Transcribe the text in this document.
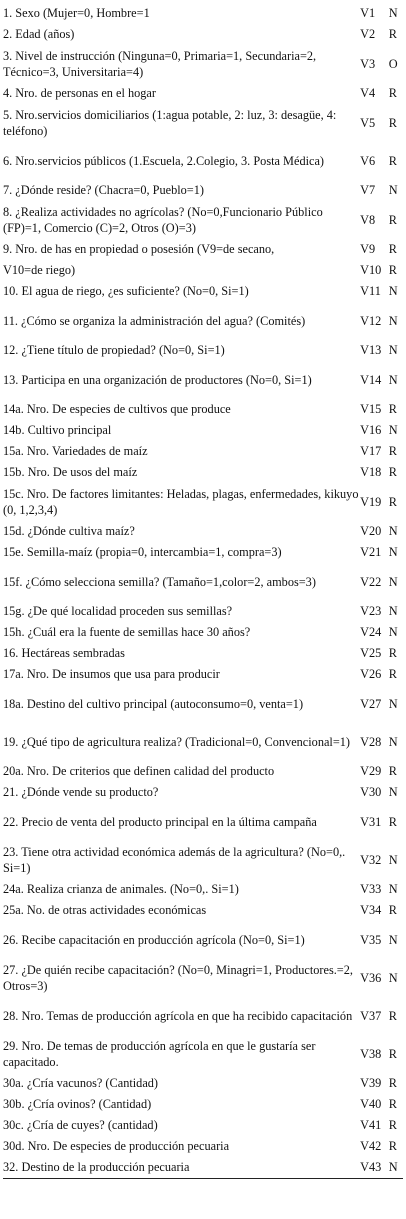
1. Sexo (Mujer=0, Hombre=1	V1	N
2. Edad (años)	V2	R
3. Nivel de instrucción (Ninguna=0, Primaria=1, Secundaria=2, Técnico=3, Universitaria=4)	V3	O
4. Nro. de personas en el hogar	V4	R
5. Nro.servicios domiciliarios (1:agua potable, 2: luz, 3: desagüe, 4: teléfono)	V5	R
6. Nro.servicios públicos (1.Escuela, 2.Colegio, 3. Posta Médica)	V6	R
7. ¿Dónde reside? (Chacra=0, Pueblo=1)	V7	N
8. ¿Realiza actividades no agrícolas? (No=0,Funcionario Público (FP)=1, Comercio (C)=2, Otros (O)=3)	V8	R
9. Nro. de has en propiedad o posesión (V9=de secano,	V9	R
V10=de riego)	V10	R
10. El agua de riego, ¿es suficiente? (No=0, Si=1)	V11	N
11. ¿Cómo se organiza la administración del agua? (Comités)	V12	N
12. ¿Tiene título de propiedad? (No=0, Si=1)	V13	N
13. Participa en una organización de productores (No=0, Si=1)	V14	N
14a. Nro. De especies de cultivos que produce	V15	R
14b. Cultivo principal	V16	N
15a. Nro. Variedades de maíz	V17	R
15b. Nro. De usos del maíz	V18	R
15c. Nro. De factores limitantes: Heladas, plagas, enfermedades, kikuyo (0, 1,2,3,4)	V19	R
15d. ¿Dónde cultiva maíz?	V20	N
15e. Semilla-maíz (propia=0, intercambia=1, compra=3)	V21	N
15f. ¿Cómo selecciona semilla? (Tamaño=1,color=2, ambos=3)	V22	N
15g. ¿De qué localidad proceden sus semillas?	V23	N
15h. ¿Cuál era la fuente de semillas hace 30 años?	V24	N
16. Hectáreas sembradas	V25	R
17a. Nro. De insumos que usa para producir	V26	R
18a. Destino del cultivo principal (autoconsumo=0, venta=1)	V27	N
19. ¿Qué tipo de agricultura realiza? (Tradicional=0, Convencional=1)	V28	N
20a. Nro. De criterios que definen calidad del producto	V29	R
21. ¿Dónde vende su producto?	V30	N
22. Precio de venta del producto principal en la última campaña	V31	R
23. Tiene otra actividad económica además de la agricultura? (No=0,. Si=1)	V32	N
24a. Realiza crianza de animales. (No=0,. Si=1)	V33	N
25a. No. de otras actividades económicas	V34	R
26. Recibe capacitación en producción agrícola (No=0, Si=1)	V35	N
27. ¿De quién recibe capacitación? (No=0, Minagri=1, Productores.=2, Otros=3)	V36	N
28. Nro. Temas de producción agrícola en que ha recibido capacitación	V37	R
29. Nro. De temas de producción agrícola en que le gustaría ser capacitado.	V38	R
30a. ¿Cría vacunos? (Cantidad)	V39	R
30b. ¿Cría ovinos? (Cantidad)	V40	R
30c. ¿Cría de cuyes? (cantidad)	V41	R
30d. Nro. De especies de producción pecuaria	V42	R
32. Destino de la producción pecuaria	V43	N
